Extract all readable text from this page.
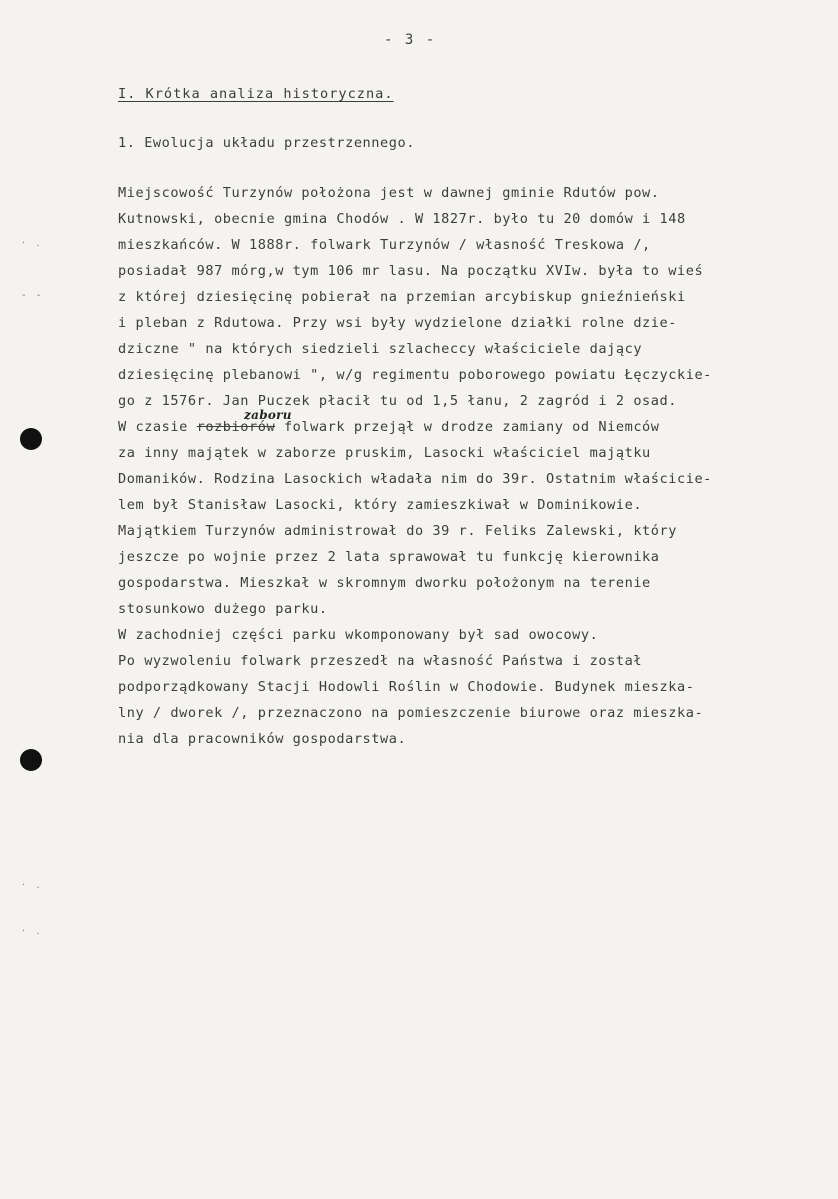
- 3 -
I. Krótka analiza historyczna.
1. Ewolucja układu przestrzennego.
Miejscowość Turzynów położona jest w dawnej gminie Rdutów pow.
Kutnowski, obecnie gmina Chodów . W 1827r. było tu 20 domów i 148
mieszkańców. W 1888r. folwark Turzynów / własność Treskowa /,
posiadał 987 mórg,w tym 106 mr lasu. Na początku XVIw. była to wieś
z której dziesięcinę pobierał na przemian arcybiskup gnieźnieński
i pleban z Rdutowa. Przy wsi były wydzielone działki rolne dzie-
dziczne " na których siedzieli szlacheccy właściciele dający
dziesięcinę plebanowi ", w/g regimentu poborowego powiatu Łęczyckie-
go z 1576r. Jan Puczek płacił tu od 1,5 łanu, 2 zagród i 2 osad.
zaboru
W czasie rozbiorów folwark przejął w drodze zamiany od Niemców
za inny majątek w zaborze pruskim, Lasocki właściciel majątku
Domaników. Rodzina Lasockich władała nim do 39r. Ostatnim właścicie-
lem był Stanisław Lasocki, który zamieszkiwał w Dominikowie.
Majątkiem Turzynów administrował do 39 r. Feliks Zalewski, który
jeszcze po wojnie przez 2 lata sprawował tu funkcję kierownika
gospodarstwa. Mieszkał w skromnym dworku położonym na terenie
stosunkowo dużego parku.
W zachodniej części parku wkomponowany był sad owocowy.
Po wyzwoleniu folwark przeszedł na własność Państwa i został
podporządkowany Stacji Hodowli Roślin w Chodowie. Budynek mieszka-
lny / dworek /, przeznaczono na pomieszczenie biurowe oraz mieszka-
nia dla pracowników gospodarstwa.
· .
- -
· .
· .
